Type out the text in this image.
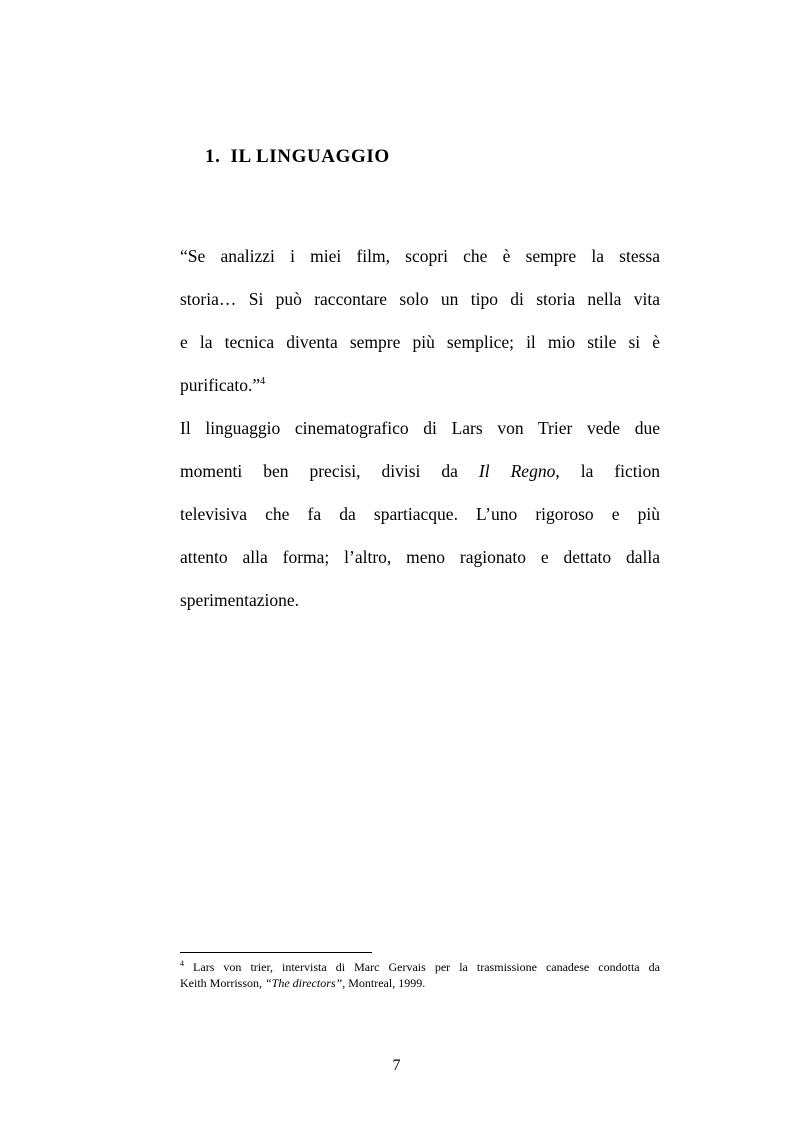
1. IL LINGUAGGIO

“Se analizzi i miei film, scopri che è sempre la stessa

storia… Si può raccontare solo un tipo di storia nella vita

e la tecnica diventa sempre più semplice; il mio stile si è

purificato.”$^4$

Il linguaggio cinematografico di Lars von Trier vede due

momenti ben precisi, divisi da Il Regno, la fiction

televisiva che fa da spartiacque. L’uno rigoroso e più

attento alla forma; l’altro, meno ragionato e dettato dalla

sperimentazione.

$^4$ Lars von trier, intervista di Marc Gervais per la trasmissione canadese condotta da

Keith Morrisson, “The directors”, Montreal, 1999.

7
